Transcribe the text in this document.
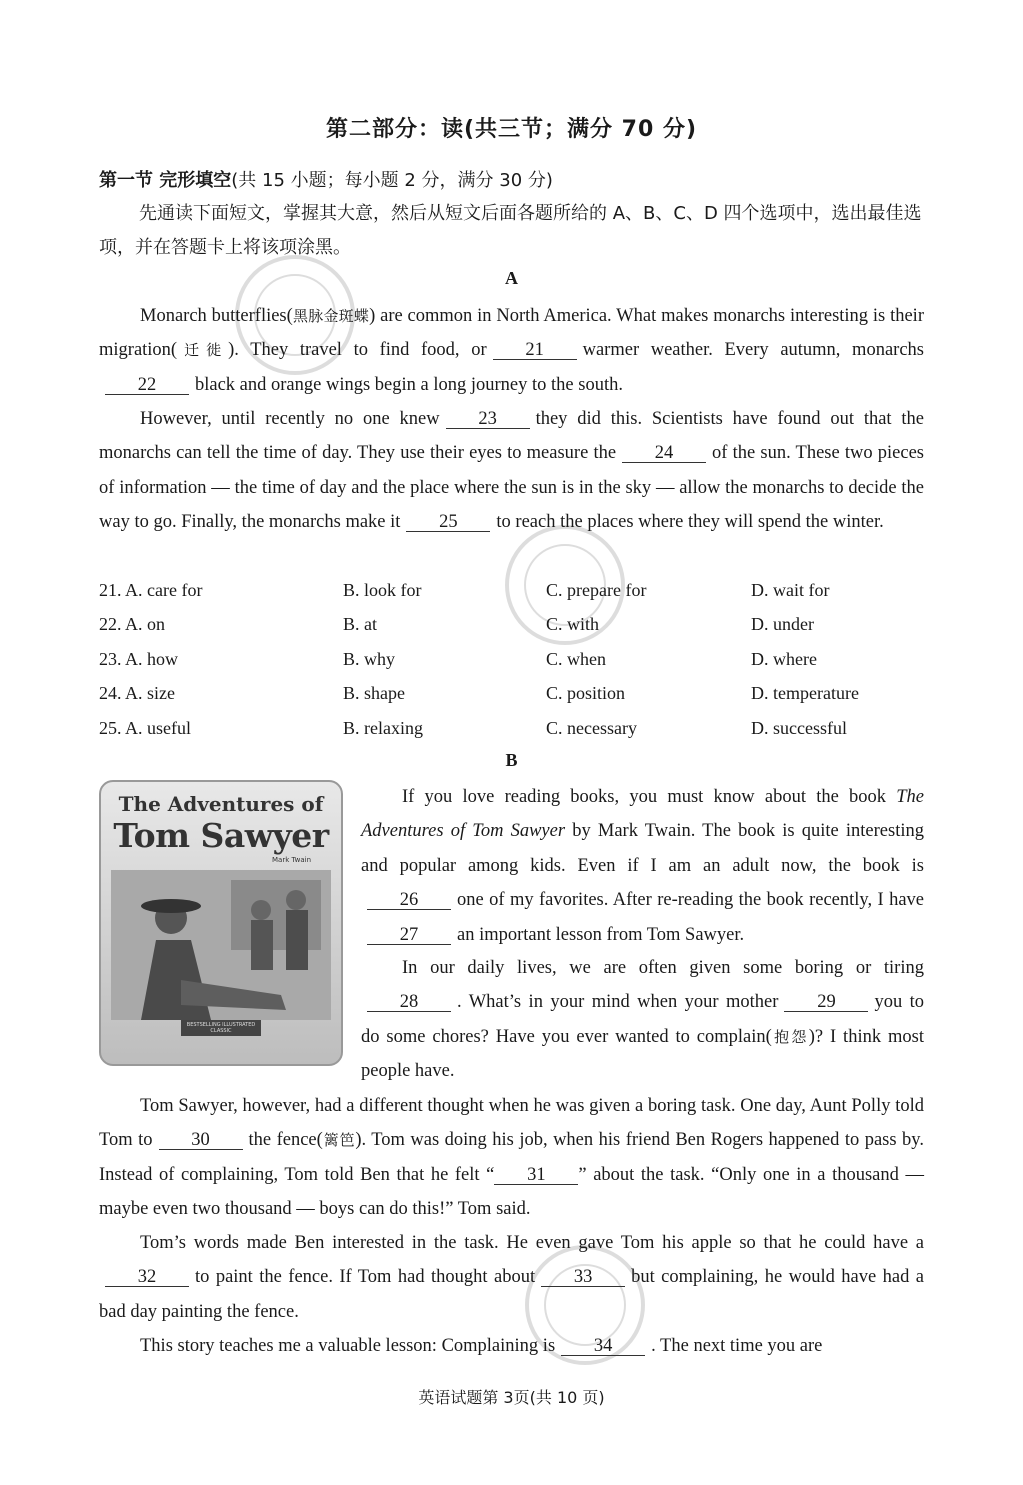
第二部分：读(共三节；满分 70 分)
第一节 完形填空(共 15 小题；每小题 2 分，满分 30 分)
先通读下面短文，掌握其大意，然后从短文后面各题所给的 A、B、C、D 四个选项中，选出最佳选项，并在答题卡上将该项涂黑。
A
Monarch butterflies(黑脉金斑蝶) are common in North America. What makes monarchs interesting is their migration(迁徙). They travel to find food, or 21 warmer weather. Every autumn, monarchs22 black and orange wings begin a long journey to the south.
However, until recently no one knew 23 they did this. Scientists have found out that the monarchs can tell the time of day. They use their eyes to measure the 24 of the sun. These two pieces of information — the time of day and the place where the sun is in the sky — allow the monarchs to decide the way to go. Finally, the monarchs make it 25 to reach the places where they will spend the winter.
21. A. care for	B. look for	C. prepare for	D. wait for
22. A. on	B. at	C. with	D. under
23. A. how	B. why	C. when	D. where
24. A. size	B. shape	C. position	D. temperature
25. A. useful	B. relaxing	C. necessary	D. successful
B
The Adventures of
Tom Sawyer
Mark Twain
BESTSELLING ILLUSTRATED CLASSIC
If you love reading books, you must know about the book The Adventures of Tom Sawyer by Mark Twain. The book is quite interesting and popular among kids. Even if I am an adult now, the book is26 one of my favorites. After re-reading the book recently, I have27 an important lesson from Tom Sawyer.
In our daily lives, we are often given some boring or tiring28 . What’s in your mind when your mother 29 you to do some chores? Have you ever wanted to complain(抱怨)? I think most people have.
Tom Sawyer, however, had a different thought when he was given a boring task. One day, Aunt Polly told Tom to 30 the fence(篱笆). Tom was doing his job, when his friend Ben Rogers happened to pass by. Instead of complaining, Tom told Ben that he felt “ 31 ” about the task. “Only one in a thousand — maybe even two thousand — boys can do this!” Tom said.
Tom’s words made Ben interested in the task. He even gave Tom his apple so that he could have a32 to paint the fence. If Tom had thought about 33 but complaining, he would have had a bad day painting the fence.
This story teaches me a valuable lesson: Complaining is 34 . The next time you are
英语试题第 3页(共 10 页)
